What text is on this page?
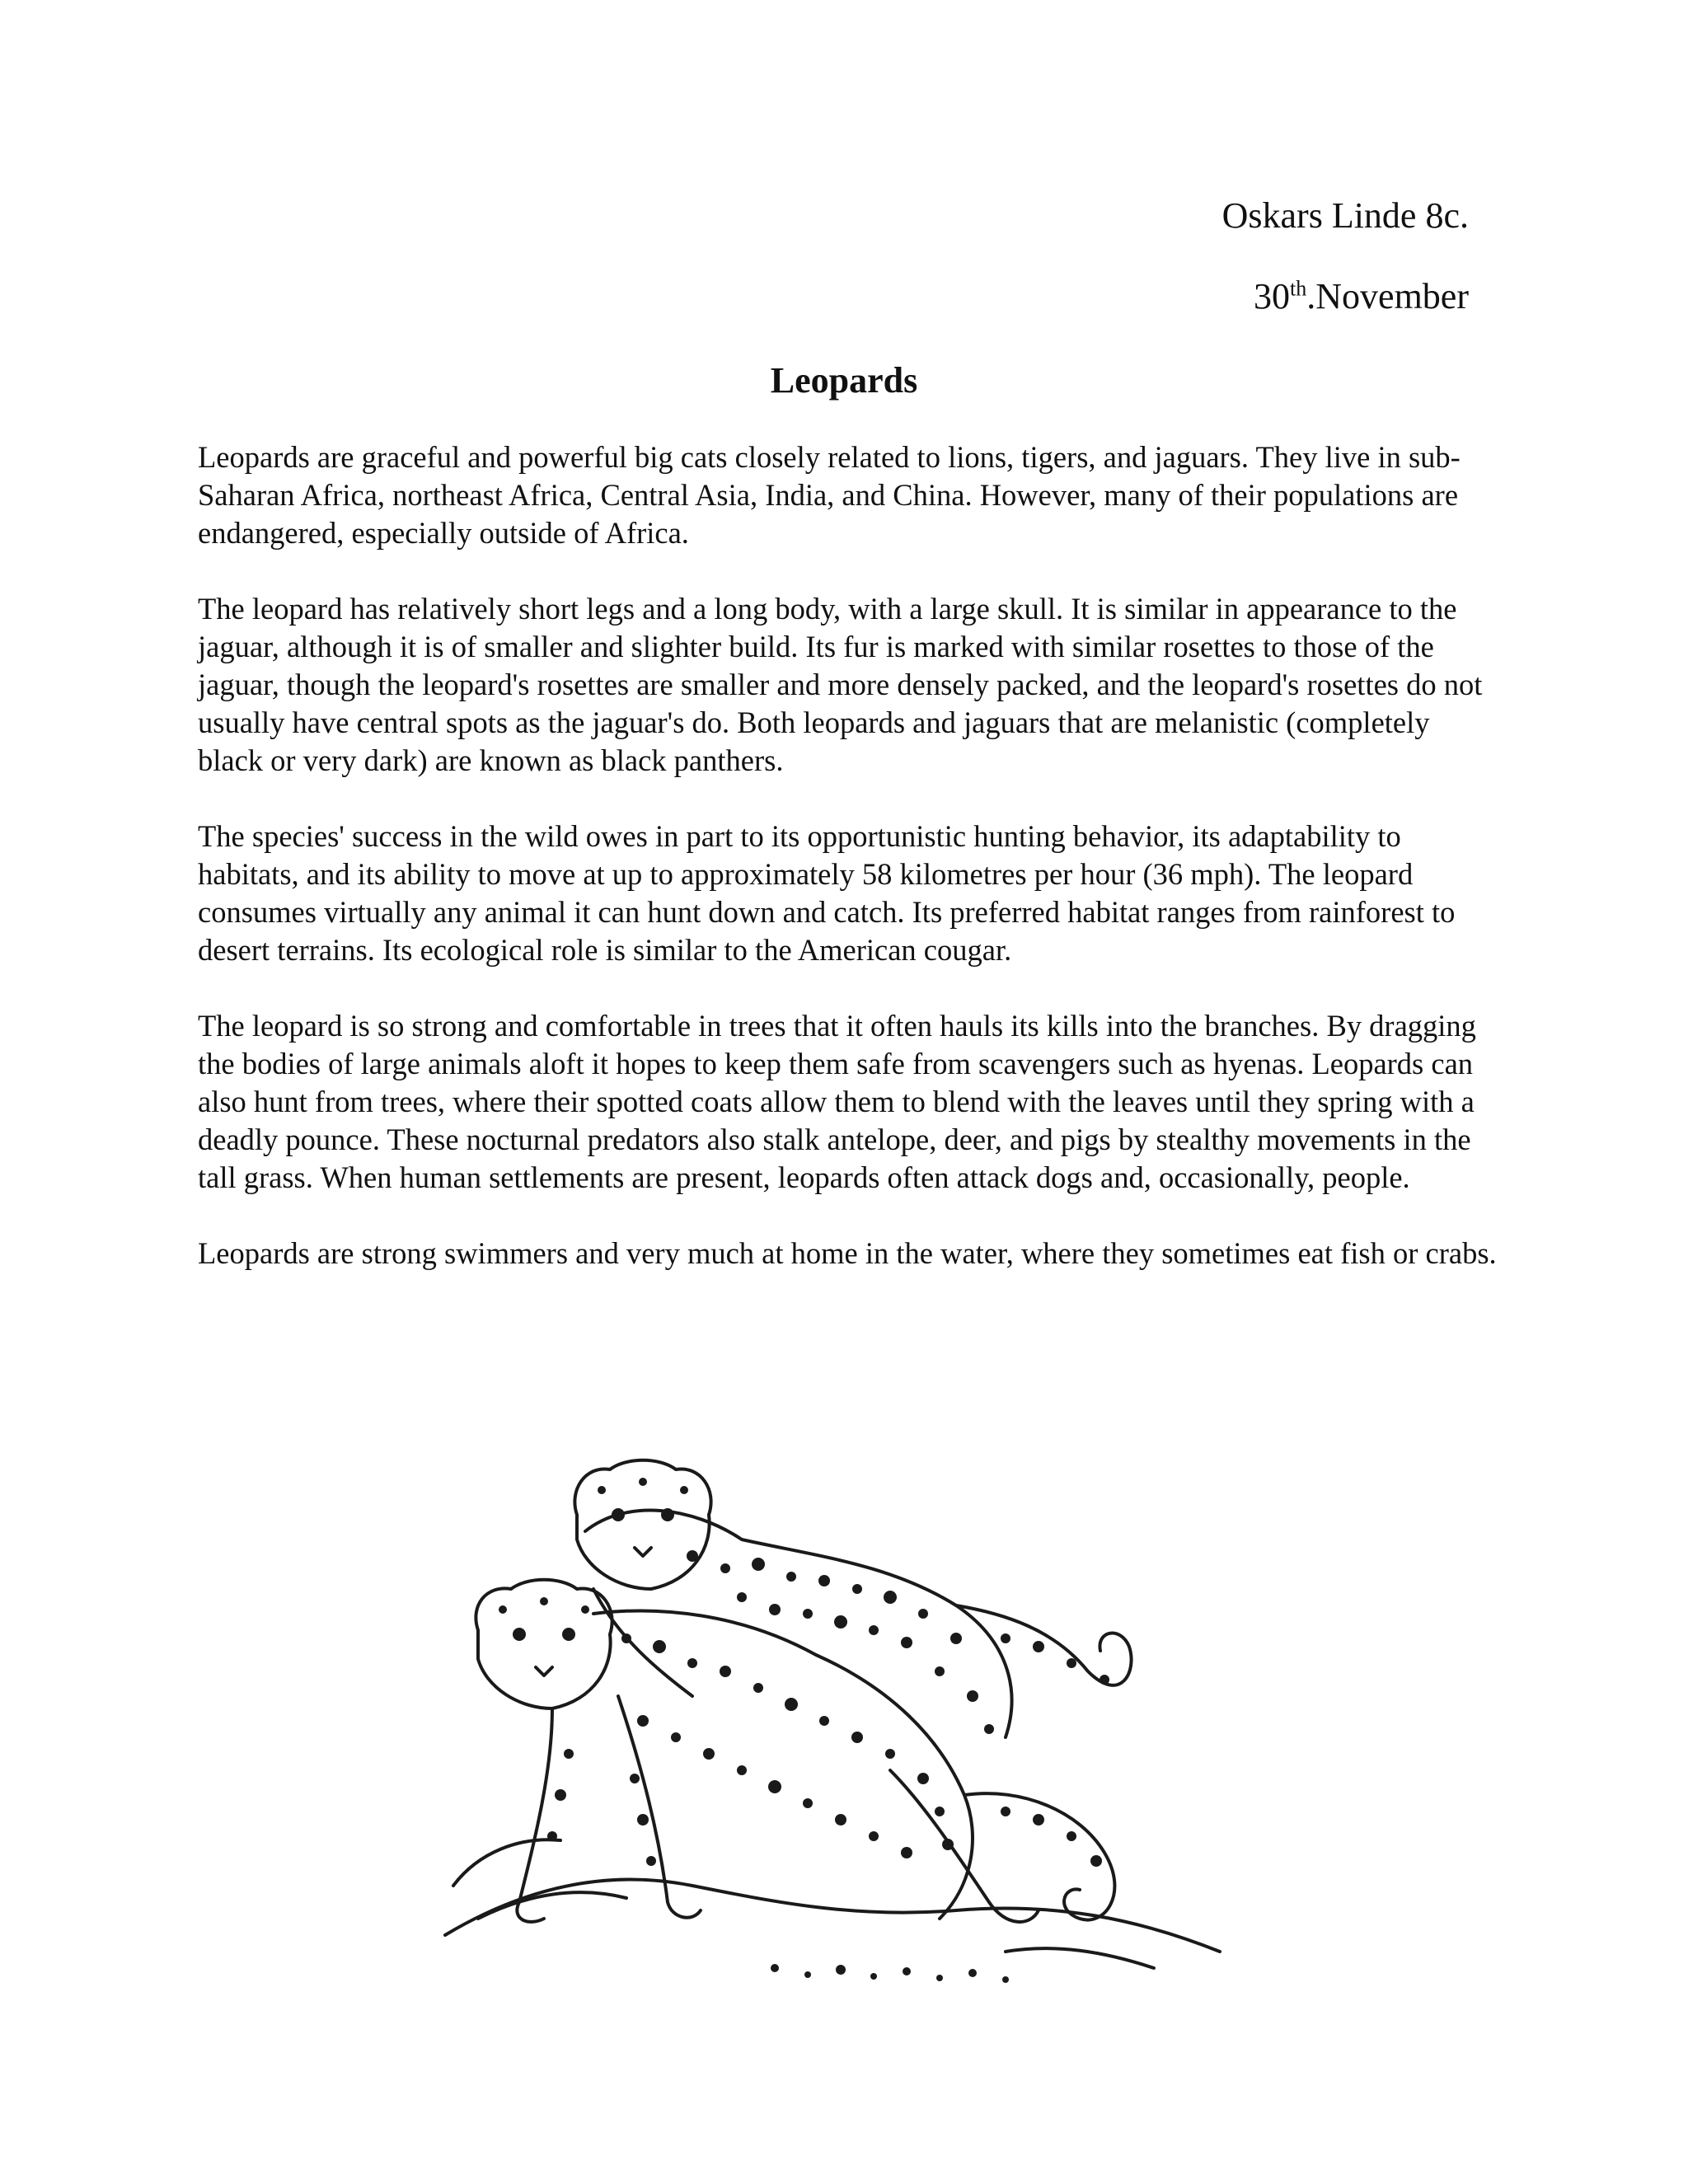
Oskars Linde 8c.

30th.November

Leopards

Leopards are graceful and powerful big cats closely related to lions, tigers, and jaguars. They live in sub-Saharan Africa, northeast Africa, Central Asia, India, and China. However, many of their populations are endangered, especially outside of Africa.

The leopard has relatively short legs and a long body, with a large skull. It is similar in appearance to the jaguar, although it is of smaller and slighter build. Its fur is marked with similar rosettes to those of the jaguar, though the leopard's rosettes are smaller and more densely packed, and the leopard's rosettes do not usually have central spots as the jaguar's do. Both leopards and jaguars that are melanistic (completely black or very dark) are known as black panthers.

The species' success in the wild owes in part to its opportunistic hunting behavior, its adaptability to habitats, and its ability to move at up to approximately 58 kilometres per hour (36 mph). The leopard consumes virtually any animal it can hunt down and catch. Its preferred habitat ranges from rainforest to desert terrains. Its ecological role is similar to the American cougar.

The leopard is so strong and comfortable in trees that it often hauls its kills into the branches. By dragging the bodies of large animals aloft it hopes to keep them safe from scavengers such as hyenas. Leopards can also hunt from trees, where their spotted coats allow them to blend with the leaves until they spring with a deadly pounce. These nocturnal predators also stalk antelope, deer, and pigs by stealthy movements in the tall grass. When human settlements are present, leopards often attack dogs and, occasionally, people.

Leopards are strong swimmers and very much at home in the water, where they sometimes eat fish or crabs.
